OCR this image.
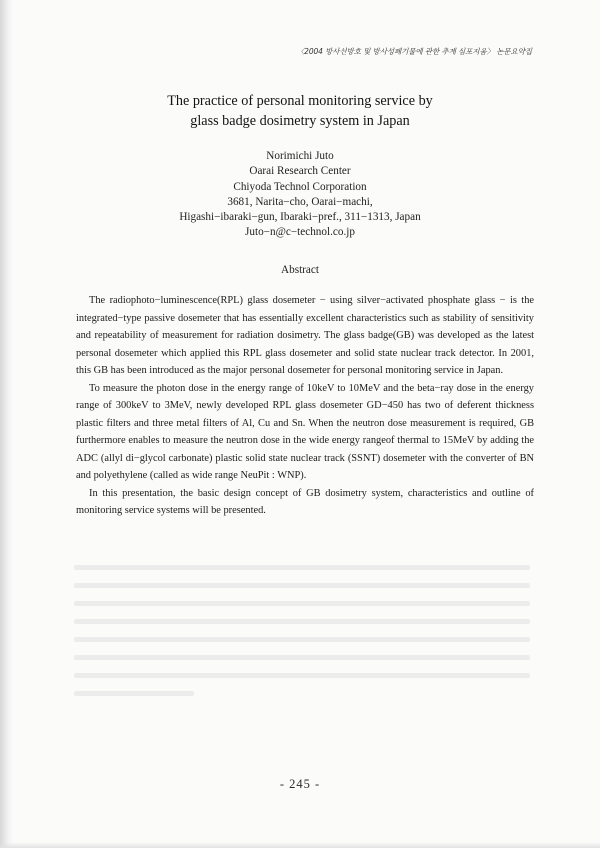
〈2004 방사선방호 및 방사성폐기물에 관한 추계 심포지움〉 논문요약집
The practice of personal monitoring service by
glass badge dosimetry system in Japan
Norimichi Juto
Oarai Research Center
Chiyoda Technol Corporation
3681, Narita−cho, Oarai−machi,
Higashi−ibaraki−gun, Ibaraki−pref., 311−1313, Japan
Juto−n@c−technol.co.jp
Abstract

The radiophoto−luminescence(RPL) glass dosemeter − using silver−activated phosphate glass − is the integrated−type passive dosemeter that has essentially excellent characteristics such as stability of sensitivity and repeatability of measurement for radiation dosimetry. The glass badge(GB) was developed as the latest personal dosemeter which applied this RPL glass dosemeter and solid state nuclear track detector. In 2001, this GB has been introduced as the major personal dosemeter for personal monitoring service in Japan.

To measure the photon dose in the energy range of 10keV to 10MeV and the beta−ray dose in the energy range of 300keV to 3MeV, newly developed RPL glass dosemeter GD−450 has two of deferent thickness plastic filters and three metal filters of Al, Cu and Sn. When the neutron dose measurement is required, GB furthermore enables to measure the neutron dose in the wide energy rangeof thermal to 15MeV by adding the ADC (allyl di−glycol carbonate) plastic solid state nuclear track (SSNT) dosemeter with the converter of BN and polyethylene (called as wide range NeuPit : WNP).

In this presentation, the basic design concept of GB dosimetry system, characteristics and outline of monitoring service systems will be presented.

- 245 -
